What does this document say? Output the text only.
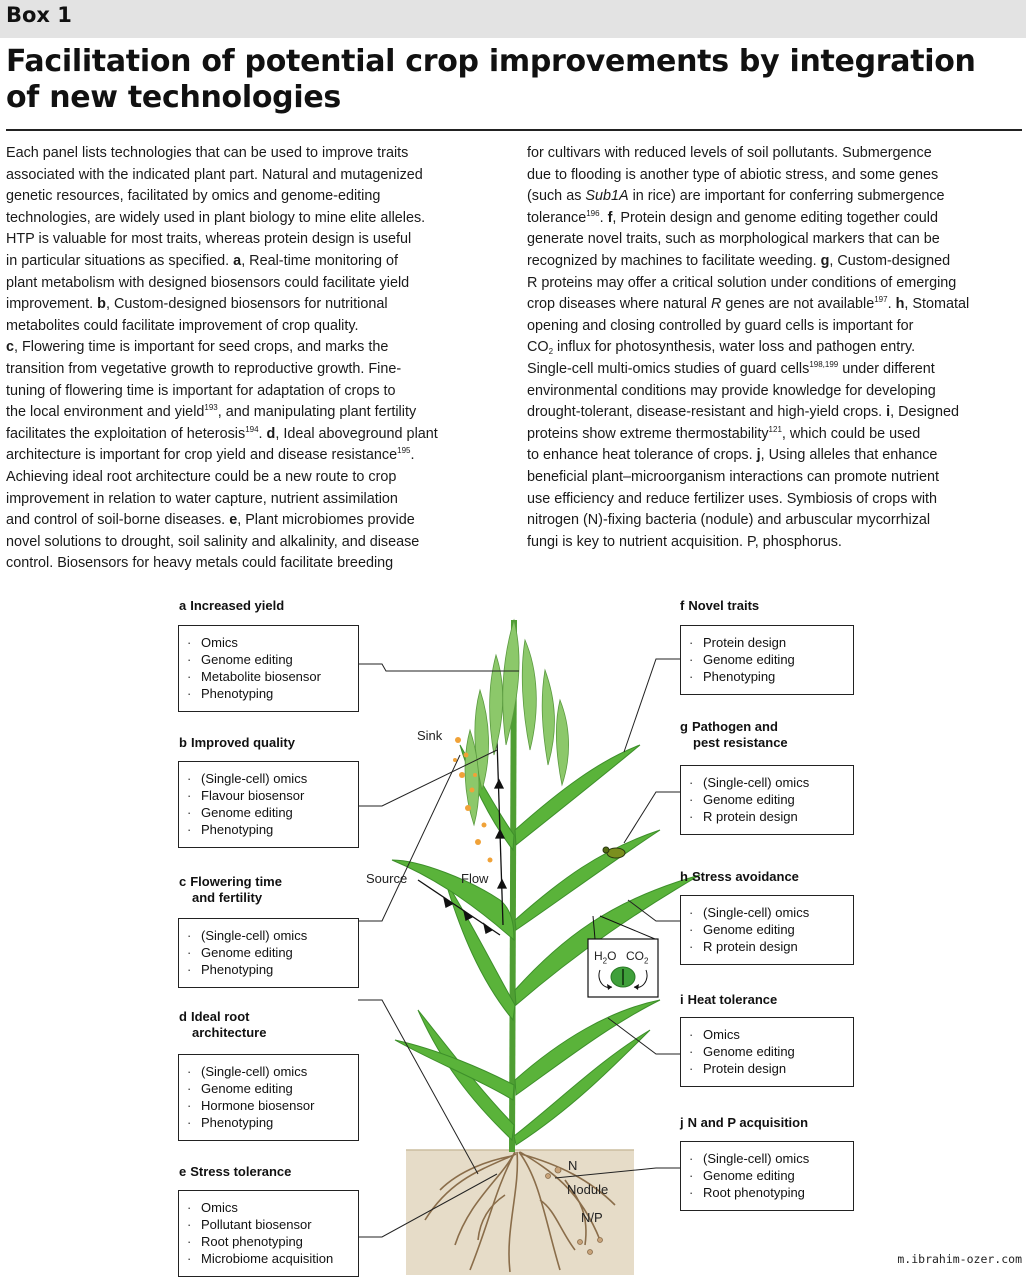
Box 1
Facilitation of potential crop improvements by integration of new technologies
Each panel lists technologies that can be used to improve traits
associated with the indicated plant part. Natural and mutagenized
genetic resources, facilitated by omics and genome-editing
technologies, are widely used in plant biology to mine elite alleles.
HTP is valuable for most traits, whereas protein design is useful
in particular situations as specified. a, Real-time monitoring of
plant metabolism with designed biosensors could facilitate yield
improvement. b, Custom-designed biosensors for nutritional
metabolites could facilitate improvement of crop quality.
c, Flowering time is important for seed crops, and marks the
transition from vegetative growth to reproductive growth. Fine-
tuning of flowering time is important for adaptation of crops to
the local environment and yield$^{193}$, and manipulating plant fertility
facilitates the exploitation of heterosis$^{194}$. d, Ideal aboveground plant
architecture is important for crop yield and disease resistance$^{195}$.
Achieving ideal root architecture could be a new route to crop
improvement in relation to water capture, nutrient assimilation
and control of soil-borne diseases. e, Plant microbiomes provide
novel solutions to drought, soil salinity and alkalinity, and disease
control. Biosensors for heavy metals could facilitate breeding
for cultivars with reduced levels of soil pollutants. Submergence
due to flooding is another type of abiotic stress, and some genes
(such as Sub1A in rice) are important for conferring submergence
tolerance$^{196}$. f, Protein design and genome editing together could
generate novel traits, such as morphological markers that can be
recognized by machines to facilitate weeding. g, Custom-designed
R proteins may offer a critical solution under conditions of emerging
crop diseases where natural R genes are not available$^{197}$. h, Stomatal
opening and closing controlled by guard cells is important for
$CO_2$ influx for photosynthesis, water loss and pathogen entry.
Single-cell multi-omics studies of guard cells$^{198,199}$ under different
environmental conditions may provide knowledge for developing
drought-tolerant, disease-resistant and high-yield crops. i, Designed
proteins show extreme thermostability$^{121}$, which could be used
to enhance heat tolerance of crops. j, Using alleles that enhance
beneficial plant–microorganism interactions can promote nutrient
use efficiency and reduce fertilizer uses. Symbiosis of crops with
nitrogen (N)-fixing bacteria (nodule) and arbuscular mycorrhizal
fungi is key to nutrient acquisition. P, phosphorus.
Sink
Source	Flow
$H_2O$ $CO_2$
N
Nodule
N/P
a Increased yield
· Omics
· Genome editing
· Metabolite biosensor
· Phenotyping
b Improved quality
· (Single-cell) omics
· Flavour biosensor
· Genome editing
· Phenotyping
c Flowering time
and fertility
· (Single-cell) omics
· Genome editing
· Phenotyping
d Ideal root
architecture
· (Single-cell) omics
· Genome editing
· Hormone biosensor
· Phenotyping
e Stress tolerance
· Omics
· Pollutant biosensor
· Root phenotyping
· Microbiome acquisition
f Novel traits
· Protein design
· Genome editing
· Phenotyping
g Pathogen and
pest resistance
· (Single-cell) omics
· Genome editing
· R protein design
h Stress avoidance
· (Single-cell) omics
· Genome editing
· R protein design
i Heat tolerance
· Omics
· Genome editing
· Protein design
j N and P acquisition
· (Single-cell) omics
· Genome editing
· Root phenotyping
m.ibrahim-ozer.com
